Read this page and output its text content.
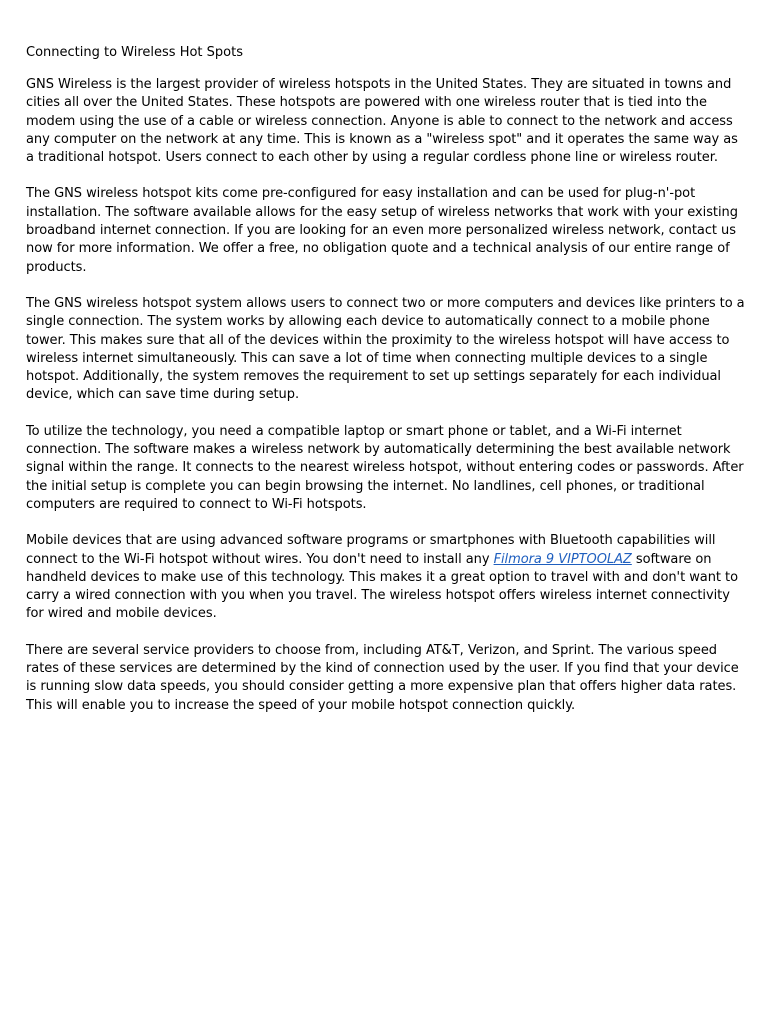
Connecting to Wireless Hot Spots

GNS Wireless is the largest provider of wireless hotspots in the United States. They are situated in towns and cities all over the United States. These hotspots are powered with one wireless router that is tied into the modem using the use of a cable or wireless connection. Anyone is able to connect to the network and access any computer on the network at any time. This is known as a "wireless spot" and it operates the same way as a traditional hotspot. Users connect to each other by using a regular cordless phone line or wireless router.

The GNS wireless hotspot kits come pre-configured for easy installation and can be used for plug-n'-pot installation. The software available allows for the easy setup of wireless networks that work with your existing broadband internet connection. If you are looking for an even more personalized wireless network, contact us now for more information. We offer a free, no obligation quote and a technical analysis of our entire range of products.

The GNS wireless hotspot system allows users to connect two or more computers and devices like printers to a single connection. The system works by allowing each device to automatically connect to a mobile phone tower. This makes sure that all of the devices within the proximity to the wireless hotspot will have access to wireless internet simultaneously. This can save a lot of time when connecting multiple devices to a single hotspot. Additionally, the system removes the requirement to set up settings separately for each individual device, which can save time during setup.

To utilize the technology, you need a compatible laptop or smart phone or tablet, and a Wi-Fi internet connection. The software makes a wireless network by automatically determining the best available network signal within the range. It connects to the nearest wireless hotspot, without entering codes or passwords. After the initial setup is complete you can begin browsing the internet. No landlines, cell phones, or traditional computers are required to connect to Wi-Fi hotspots.

Mobile devices that are using advanced software programs or smartphones with Bluetooth capabilities will connect to the Wi-Fi hotspot without wires. You don't need to install any Filmora 9 VIPTOOLAZ software on handheld devices to make use of this technology. This makes it a great option to travel with and don't want to carry a wired connection with you when you travel. The wireless hotspot offers wireless internet connectivity for wired and mobile devices.

There are several service providers to choose from, including AT&T, Verizon, and Sprint. The various speed rates of these services are determined by the kind of connection used by the user. If you find that your device is running slow data speeds, you should consider getting a more expensive plan that offers higher data rates. This will enable you to increase the speed of your mobile hotspot connection quickly.
